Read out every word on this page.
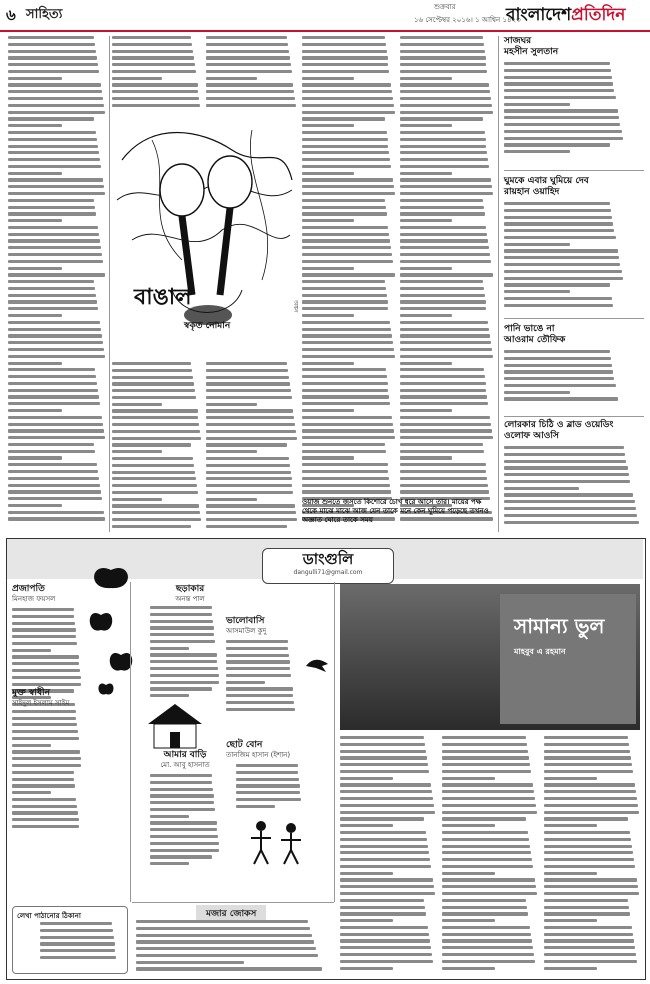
৬ সাহিত্য	শুক্রবার
১৬ সেপ্টেম্বর ২০১৬। ১ আশ্বিন ১৪২৩
বাংলাদেশপ্রতিদিন
বাঙাল
স্বকৃত নোমান
অঙ্কন
সাজঘর
মহসীন সুলতান
ঘুমকে এবার ঘুমিয়ে দেব
রায়হান ওয়াহিদ
পানি ভাঙে না
আওরাম তৌফিক
লোরকার চিঠি ও ব্লাড ওয়েডিং
ওলোফ আওসি
ওয়াজ শুনতে জসতে কিশোরে চোখ ধরে আসে তার। মায়ের পক্ষ থেকে মাঝে মাঝে আজ যেন তাকে মনে কেন ঘুমিয়ে পড়েছে তখনও অজ্ঞাত ঘোরে তাকে সময়
ডাংগুলি
dangulli71@gmail.com
প্রজাপতি
মিনহাজ ফয়সল
মুক্ত স্বাধীন
সাইদুল ইসলাম সাইম
ছড়াকার
অনন্ত পাল
ভালোবাসি
আসমাউল কুদু
আমার বাড়ি
মো. আবু হাসনাত
ছোট বোন
তানজিম হাসান (ইশান)
সামান্য ভুল
মাহবুব এ রহমান
মজার জোকস
লেখা পাঠানোর ঠিকানা
